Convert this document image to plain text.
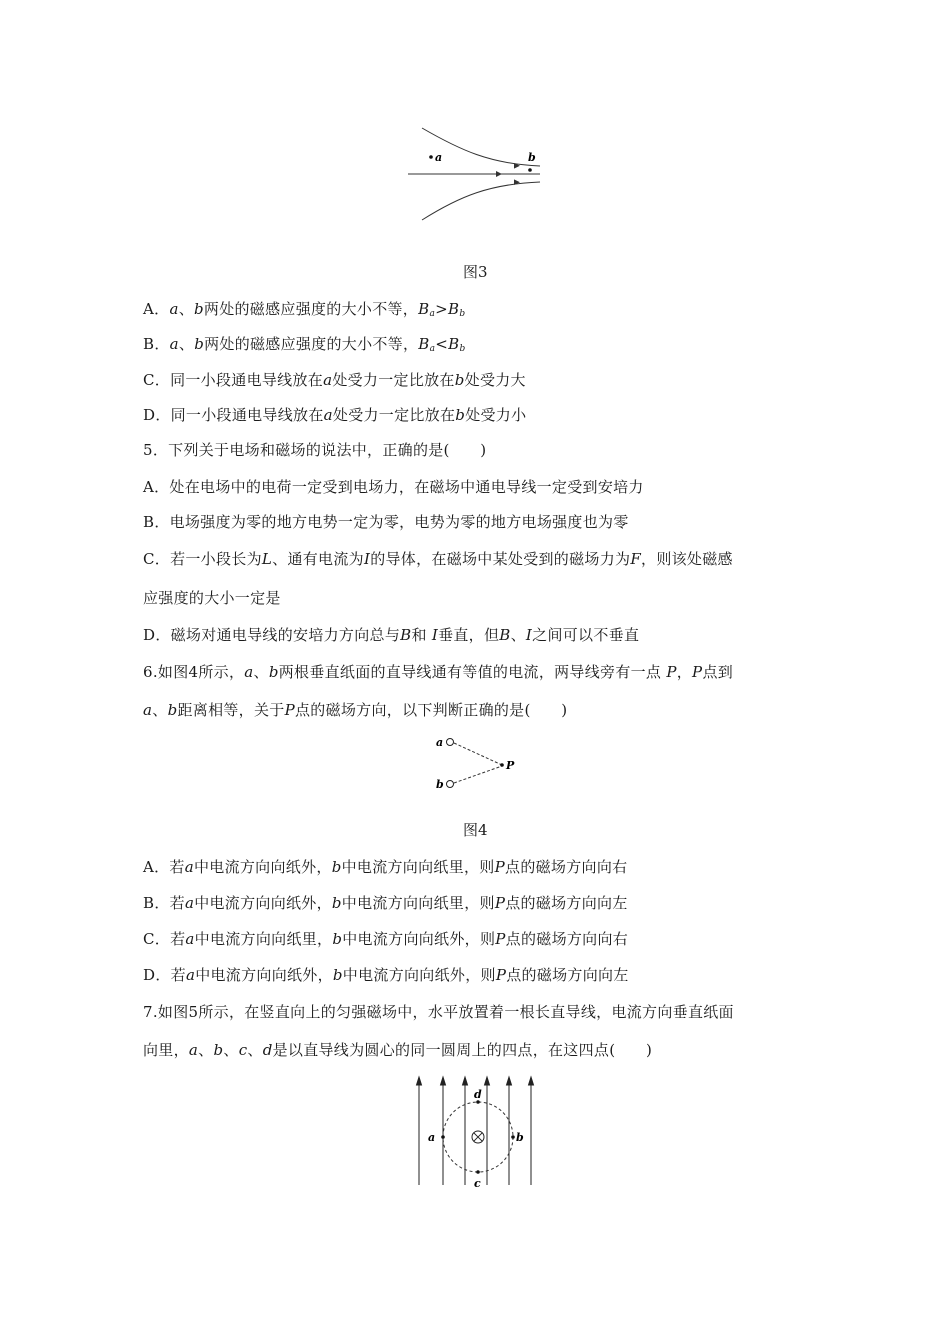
a	b
图3
A．a、b两处的磁感应强度的大小不等，$B_a>B_b$
B．a、b两处的磁感应强度的大小不等，$B_a<B_b$
C．同一小段通电导线放在a处受力一定比放在b处受力大
D．同一小段通电导线放在a处受力一定比放在b处受力小
5．下列关于电场和磁场的说法中，正确的是(　　)
A．处在电场中的电荷一定受到电场力，在磁场中通电导线一定受到安培力
B．电场强度为零的地方电势一定为零，电势为零的地方电场强度也为零
C．若一小段长为L、通有电流为I的导体，在磁场中某处受到的磁场力为F，则该处磁感
应强度的大小一定是
D．磁场对通电导线的安培力方向总与B和 I垂直，但B、I之间可以不垂直
6.如图4所示，a、b两根垂直纸面的直导线通有等值的电流，两导线旁有一点 P，P点到
a、b距离相等，关于P点的磁场方向，以下判断正确的是(　　)
a
b
P
图4
A．若a中电流方向向纸外，b中电流方向向纸里，则P点的磁场方向向右
B．若a中电流方向向纸外，b中电流方向向纸里，则P点的磁场方向向左
C．若a中电流方向向纸里，b中电流方向向纸外，则P点的磁场方向向右
D．若a中电流方向向纸外，b中电流方向向纸外，则P点的磁场方向向左
7.如图5所示，在竖直向上的匀强磁场中，水平放置着一根长直导线，电流方向垂直纸面
向里，a、b、c、d是以直导线为圆心的同一圆周上的四点，在这四点(　　)
a	b
c
d
